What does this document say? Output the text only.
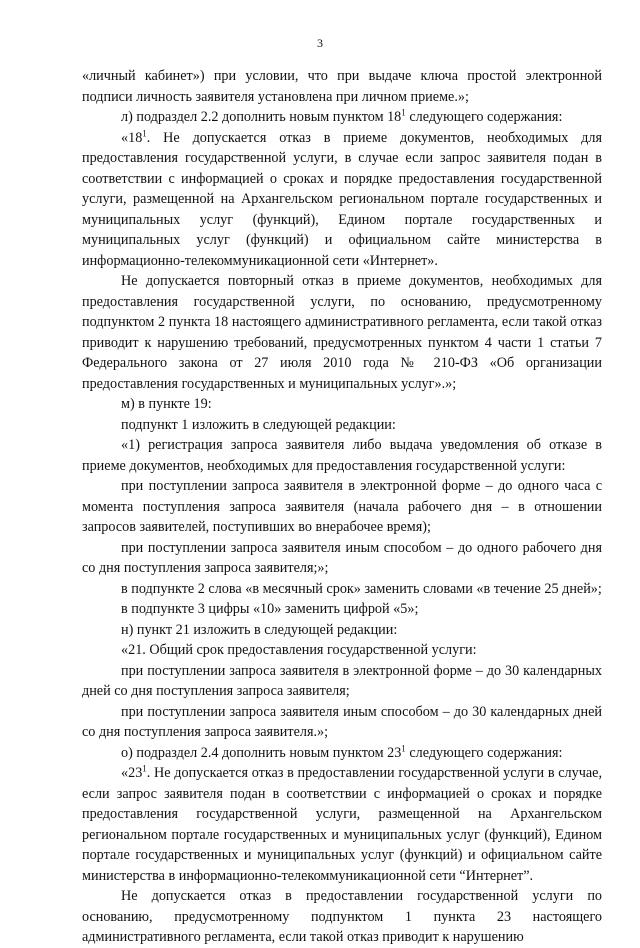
3

«личный кабинет») при условии, что при выдаче ключа простой электронной подписи личность заявителя установлена при личном приеме.»;

л) подраздел 2.2 дополнить новым пунктом $18^1$ следующего содержания:

«$18^1$. Не допускается отказ в приеме документов, необходимых для предоставления государственной услуги, в случае если запрос заявителя подан в соответствии с информацией о сроках и порядке предоставления государственной услуги, размещенной на Архангельском региональном портале государственных и муниципальных услуг (функций), Едином портале государственных и муниципальных услуг (функций) и официальном сайте министерства в информационно-телекоммуникационной сети «Интернет».

Не допускается повторный отказ в приеме документов, необходимых для предоставления государственной услуги, по основанию, предусмотренному подпунктом 2 пункта 18 настоящего административного регламента, если такой отказ приводит к нарушению требований, предусмотренных пунктом 4 части 1 статьи 7 Федерального закона от 27 июля 2010 года № 210-ФЗ «Об организации предоставления государственных и муниципальных услуг».»;

м) в пункте 19:

подпункт 1 изложить в следующей редакции:

«1) регистрация запроса заявителя либо выдача уведомления об отказе в приеме документов, необходимых для предоставления государственной услуги:

при поступлении запроса заявителя в электронной форме – до одного часа с момента поступления запроса заявителя (начала рабочего дня – в отношении запросов заявителей, поступивших во внерабочее время);

при поступлении запроса заявителя иным способом – до одного рабочего дня со дня поступления запроса заявителя;»;

в подпункте 2 слова «в месячный срок» заменить словами «в течение 25 дней»;

в подпункте 3 цифры «10» заменить цифрой «5»;

н) пункт 21 изложить в следующей редакции:

«21. Общий срок предоставления государственной услуги:

при поступлении запроса заявителя в электронной форме – до 30 календарных дней со дня поступления запроса заявителя;

при поступлении запроса заявителя иным способом – до 30 календарных дней со дня поступления запроса заявителя.»;

о) подраздел 2.4 дополнить новым пунктом $23^1$ следующего содержания:

«$23^1$. Не допускается отказ в предоставлении государственной услуги в случае, если запрос заявителя подан в соответствии с информацией о сроках и порядке предоставления государственной услуги, размещенной на Архангельском региональном портале государственных и муниципальных услуг (функций), Едином портале государственных и муниципальных услуг (функций) и официальном сайте министерства в информационно-телекоммуникационной сети “Интернет”.

Не допускается отказ в предоставлении государственной услуги по основанию, предусмотренному подпунктом 1 пункта 23 настоящего административного регламента, если такой отказ приводит к нарушению
